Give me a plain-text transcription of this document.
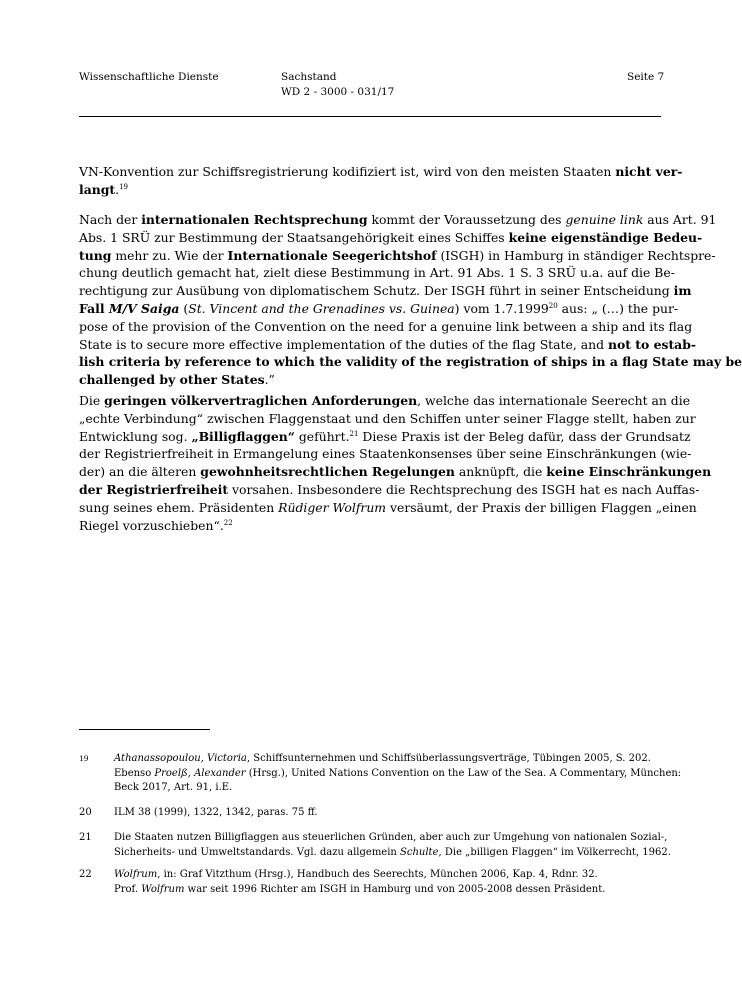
Wissenschaftliche Dienste	Sachstand
WD 2 - 3000 - 031/17
Seite 7
VN-Konvention zur Schiffsregistrierung kodifiziert ist, wird von den meisten Staaten nicht ver-
langt.$^{19}$
Nach der internationalen Rechtsprechung kommt der Voraussetzung des genuine link aus Art. 91
Abs. 1 SRÜ zur Bestimmung der Staatsangehörigkeit eines Schiffes keine eigenständige Bedeu-
tung mehr zu. Wie der Internationale Seegerichtshof (ISGH) in Hamburg in ständiger Rechtspre-
chung deutlich gemacht hat, zielt diese Bestimmung in Art. 91 Abs. 1 S. 3 SRÜ u.a. auf die Be-
rechtigung zur Ausübung von diplomatischem Schutz. Der ISGH führt in seiner Entscheidung im
Fall M/V Saiga (St. Vincent and the Grenadines vs. Guinea) vom 1.7.1999$^{20}$ aus: „ (…) the pur-
pose of the provision of the Convention on the need for a genuine link between a ship and its flag
State is to secure more effective implementation of the duties of the flag State, and not to estab-
lish criteria by reference to which the validity of the registration of ships in a flag State may be
challenged by other States.”
Die geringen völkervertraglichen Anforderungen, welche das internationale Seerecht an die
„echte Verbindung“ zwischen Flaggenstaat und den Schiffen unter seiner Flagge stellt, haben zur
Entwicklung sog. „Billigflaggen“ geführt.$^{21}$ Diese Praxis ist der Beleg dafür, dass der Grundsatz
der Registrierfreiheit in Ermangelung eines Staatenkonsenses über seine Einschränkungen (wie-
der) an die älteren gewohnheitsrechtlichen Regelungen anknüpft, die keine Einschränkungen
der Registrierfreiheit vorsahen. Insbesondere die Rechtsprechung des ISGH hat es nach Auffas-
sung seines ehem. Präsidenten Rüdiger Wolfrum versäumt, der Praxis der billigen Flaggen „einen
Riegel vorzuschieben“.$^{22}$
19	Athanassopoulou, Victoria, Schiffsunternehmen und Schiffsüberlassungsverträge, Tübingen 2005, S. 202.
Ebenso Proelß, Alexander (Hrsg.), United Nations Convention on the Law of the Sea. A Commentary, München:
Beck 2017, Art. 91, i.E.
20	ILM 38 (1999), 1322, 1342, paras. 75 ff.
21	Die Staaten nutzen Billigflaggen aus steuerlichen Gründen, aber auch zur Umgehung von nationalen Sozial-,
Sicherheits- und Umweltstandards. Vgl. dazu allgemein Schulte, Die „billigen Flaggen“ im Völkerrecht, 1962.
22	Wolfrum, in: Graf Vitzthum (Hrsg.), Handbuch des Seerechts, München 2006, Kap. 4, Rdnr. 32.
Prof. Wolfrum war seit 1996 Richter am ISGH in Hamburg und von 2005-2008 dessen Präsident.
